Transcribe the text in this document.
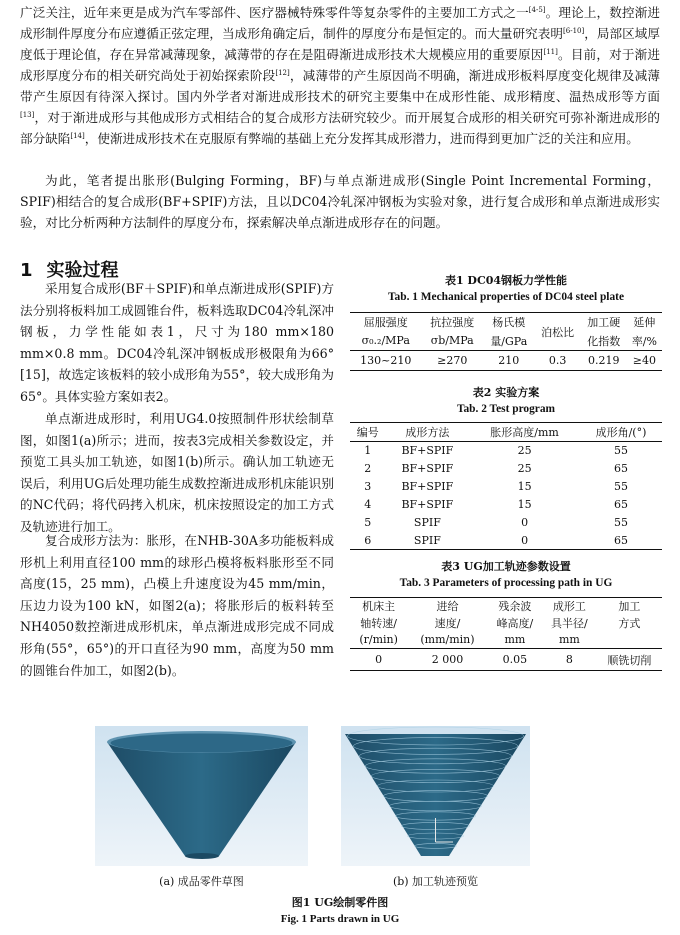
广泛关注，近年来更是成为汽车零部件、医疗器械特殊零件等复杂零件的主要加工方式之一[4-5]。理论上，数控渐进成形制件厚度分布应遵循正弦定理，当成形角确定后，制件的厚度分布是恒定的。而大量研究表明[6-10]，局部区域厚度低于理论值，存在异常减薄现象，减薄带的存在是阻碍渐进成形技术大规模应用的重要原因[11]。目前，对于渐进成形厚度分布的相关研究尚处于初始探索阶段[12]，减薄带的产生原因尚不明确，渐进成形板料厚度变化规律及减薄带产生原因有待深入探讨。国内外学者对渐进成形技术的研究主要集中在成形性能、成形精度、温热成形等方面[13]，对于渐进成形与其他成形方式相结合的复合成形方法研究较少。而开展复合成形的相关研究可弥补渐进成形的部分缺陷[14]，使渐进成形技术在克服原有弊端的基础上充分发挥其成形潜力，进而得到更加广泛的关注和应用。

为此，笔者提出胀形(Bulging Forming，BF)与单点渐进成形(Single Point Incremental Forming，SPIF)相结合的复合成形(BF+SPIF)方法，且以DC04冷轧深冲钢板为实验对象，进行复合成形和单点渐进成形实验，对比分析两种方法制件的厚度分布，探索解决单点渐进成形存在的问题。

1 实验过程

采用复合成形(BF＋SPIF)和单点渐进成形(SPIF)方法分别将板料加工成圆锥台件，板料选取DC04冷轧深冲钢板，力学性能如表1，尺寸为180 mm×180 mm×0.8 mm。DC04冷轧深冲钢板成形极限角为66°[15]，故选定该板料的较小成形角为55°，较大成形角为65°。具体实验方案如表2。

单点渐进成形时，利用UG4.0按照制件形状绘制草图，如图1(a)所示；进而，按表3完成相关参数设定，并预览工具头加工轨迹，如图1(b)所示。确认加工轨迹无误后，利用UG后处理功能生成数控渐进成形机床能识别的NC代码；将代码拷入机床，机床按照设定的加工方式及轨迹进行加工。

复合成形方法为：胀形，在NHB-30A多功能板料成形机上利用直径100 mm的球形凸模将板料胀形至不同高度(15，25 mm)，凸模上升速度设为45 mm/min，压边力设为100 kN，如图2(a)；将胀形后的板料转至NH4050数控渐进成形机床，单点渐进成形完成不同成形角(55°，65°)的开口直径为90 mm，高度为50 mm的圆锥台件加工，如图2(b)。

表1 DC04钢板力学性能

Tab. 1 Mechanical properties of DC04 steel plate

屈服强度	抗拉强度	杨氏模	泊松比	加工硬	延伸
σ₀.₂/MPa	σb/MPa	量/GPa		化指数	率/%
130~210	≥270	210	0.3	0.219	≥40

表2 实验方案

Tab. 2 Test program

编号	成形方法	胀形高度/mm	成形角/(°)
1	BF+SPIF	25	55
2	BF+SPIF	25	65
3	BF+SPIF	15	55
4	BF+SPIF	15	65
5	SPIF	0	55
6	SPIF	0	65

表3 UG加工轨迹参数设置

Tab. 3 Parameters of processing path in UG

机床主	进给	残余波	成形工	加工
轴转速/	速度/	峰高度/	具半径/	方式
(r/min)	(mm/min)	mm	mm	
0	2 000	0.05	8	顺铣切削
(a) 成品零件草图	(b) 加工轨迹预览
图1 UG绘制零件图
Fig. 1 Parts drawn in UG
